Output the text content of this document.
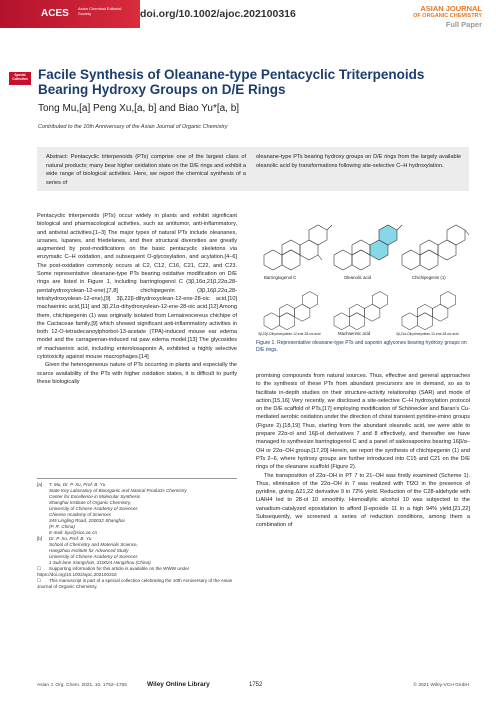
ACES	Asian Chemical Editorial Society	doi.org/10.1002/ajoc.202100316	ASIAN JOURNAL
OF ORGANIC CHEMISTRY
Full Paper
Special Collection Facile Synthesis of Oleanane-type Pentacyclic Triterpenoids Bearing Hydroxy Groups on D/E Rings
Tong Mu,[a] Peng Xu,[a, b] and Biao Yu*[a, b]
Contributed to the 10th Anniversary of the Asian Journal of Organic Chemistry
Abstract: Pentacyclic triterpenoids (PTs) comprise one of the largest class of natural products; many bear higher oxidation state on the D/E rings and exhibit a wide range of biological activities. Here, we report the chemical synthesis of a series of
oleanane-type PTs bearing hydroxy groups on D/E rings from the largely available oleanolic acid by transformations following site-selective C–H hydroxylation.

Pentacyclic triterpenoids (PTs) occur widely in plants and exhibit significant biological and pharmacological activities, such as antitumor, anti-inflammatory, and antiviral activities.[1–3] The major types of natural PTs include oleananes, ursanes, lupanes, and friedelanes, and their structural diversities are greatly augmented by post-modifications on the basic pentacyclic skeletons via enzymatic C–H oxidation, and subsequent O-glycosylation, and acylation.[4–6] The post-oxidation commonly occurs at C2, C12, C16, C21, C22, and C23. Some representative oleanane-type PTs bearing oxidative modification on D/E rings are listed in Figure 1, including barringtogenol C (3β,16α,21β,22α,28-pentahydroxyolean-12-ene),[7,8] chichipegenin (3β,16β,22α,28-tetrahydroxyolean-12-ene),[9] 3β,22β-dihydroxyolean-12-ene-28-oic acid,[10] machaerinic acid,[11] and 3β,21α-dihydroxyolean-12-ene-28-oic acid.[12] Among them, chichipegenin (1) was originally isolated from Lemaireocereus chichipe of the Cactaceae family,[9] which showed significant anti-inflammatory activities in both 12-O-tetradecanoylphorbol-13-acetate (TPA)-induced mouse ear edema model and the carrageenan-induced rat paw edema model.[13] The glycosides of machaerinic acid, including enterolosaponin A, exhibited a highly selective cytotoxicity against mouse macrophages.[14]

Given the heterogeneous nature of PTs occurring in plants and especially the scarce availability of the PTs with higher oxidation states, it is difficult to purify these biologically

Barringtogenol C	Oleanolic acid	Chichipegenin (1)
3β,22β-Dihydroxyolean-12-ene-28-oic acid	Machaerinic acid	3β,21α-Dihydroxyolean-12-ene-28-oic acid
Figure 1. Representative oleanane-type PTs and saponin aglycones bearing hydroxy groups on D/E rings.

promising compounds from natural sources. Thus, effective and general approaches to the synthesis of these PTs from abundant precursors are in demand, so as to facilitate in-depth studies on their structure-activity relationship (SAR) and mode of action.[15,16] Very recently, we disclosed a site-selective C–H hydroxylation protocol on the D/E scaffold of PTs,[17] employing modification of Schönecker and Baran's Cu-mediated aerobic oxidation under the direction of chiral transient pyridine-imino groups (Figure 2).[18,19] Thus, starting from the abundant oleanolic acid, we were able to prepare 22α-ol and 16β-ol derivatives 7 and 8 effectively, and thereafter we have managed to synthesize barringtogenol C and a panel of saikosaponins bearing 16β/α–OH or 22α–OH group.[17,20] Herein, we report the synthesis of chichipegenin (1) and PTs 2–6, where hydroxy groups are further introduced into C15 and C21 on the D/E rings of the oleanane scaffold (Figure 2).

The transposition of 22α–OH in PT 7 to 21–OH was firstly examined (Scheme 1). Thus, elimination of the 22α–OH in 7 was realized with Tf2O in the presence of pyridine, giving Δ21,22 derivative 9 in 72% yield. Reduction of the C28-aldehyde with LiAlH4 led to 28-ol 10 smoothly. Homoallylic alcohol 10 was subjected to the vanadium-catalyzed epoxidation to afford β-epoxide 11 in a high 94% yield.[21,22] Subsequently, we screened a series of reduction conditions, among them a combination of

[a] T. Mu, Dr. P. Xu, Prof. B. Yu
State Key Laboratory of Bioorganic and Natural Products Chemistry
Center for Excellence in Molecular Synthesis
Shanghai Institute of Organic Chemistry,
University of Chinese Academy of Sciences
Chinese Academy of Sciences
345 Lingling Road, 200032 Shanghai
(P. R. China)
E-mail: byu@sioc.ac.cn
[b] Dr. P. Xu, Prof. B. Yu
School of Chemistry and Materials Science,
Hangzhou Institute for Advanced Study
University of Chinese Academy of Sciences
1 Sub-lane Xiangshan, 310024 Hangzhou (China)
☐ Supporting information for this article is available on the WWW under https://doi.org/10.1002/ajoc.202100316
☐ This manuscript is part of a special collection celebrating the 10th Anniversary of the Asian Journal of Organic Chemistry.
Asian J. Org. Chem. 2021, 10, 1752–1755	Wiley Online Library	1752	© 2021 Wiley-VCH GmbH
